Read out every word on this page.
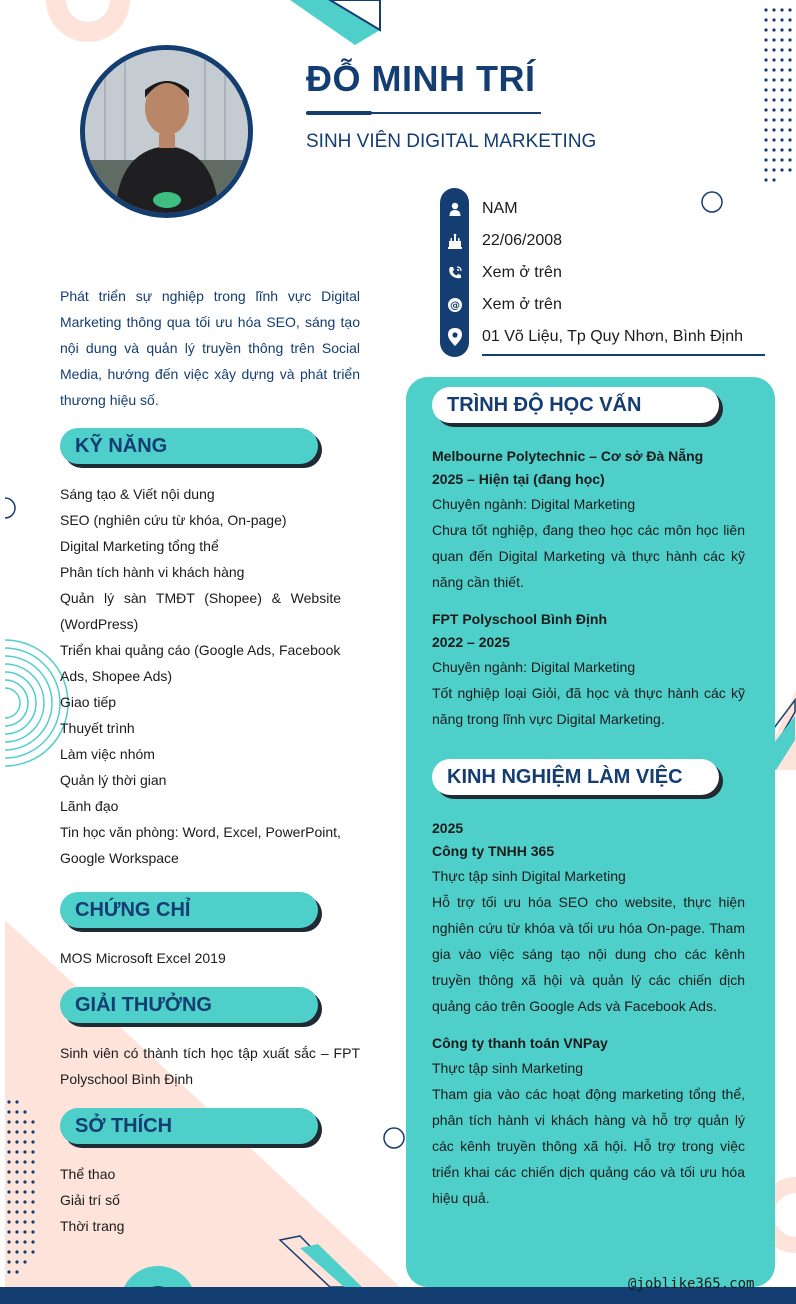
ĐỖ MINH TRÍ
SINH VIÊN DIGITAL MARKETING
NAM
22/06/2008
Xem ở trên
@ Xem ở trên
01 Võ Liệu, Tp Quy Nhơn, Bình Định
Phát triển sự nghiệp trong lĩnh vực Digital Marketing thông qua tối ưu hóa SEO, sáng tạo nội dung và quản lý truyền thông trên Social Media, hướng đến việc xây dựng và phát triển thương hiệu số.
KỸ NĂNG
Sáng tạo & Viết nội dung
SEO (nghiên cứu từ khóa, On-page)
Digital Marketing tổng thể
Phân tích hành vi khách hàng
Quản lý sàn TMĐT (Shopee) & Website (WordPress)
Triển khai quảng cáo (Google Ads, Facebook Ads, Shopee Ads)
Giao tiếp
Thuyết trình
Làm việc nhóm
Quản lý thời gian
Lãnh đạo
Tin học văn phòng: Word, Excel, PowerPoint, Google Workspace
CHỨNG CHỈ
MOS Microsoft Excel 2019
GIẢI THƯỞNG
Sinh viên có thành tích học tập xuất sắc – FPT Polyschool Bình Định
SỞ THÍCH
Thể thao
Giải trí số
Thời trang
TRÌNH ĐỘ HỌC VẤN
Melbourne Polytechnic – Cơ sở Đà Nẵng
2025 – Hiện tại (đang học)
Chuyên ngành: Digital Marketing
Chưa tốt nghiệp, đang theo học các môn học liên quan đến Digital Marketing và thực hành các kỹ năng cần thiết.
FPT Polyschool Bình Định
2022 – 2025
Chuyên ngành: Digital Marketing
Tốt nghiệp loại Giỏi, đã học và thực hành các kỹ năng trong lĩnh vực Digital Marketing.
KINH NGHIỆM LÀM VIỆC
2025
Công ty TNHH 365
Thực tập sinh Digital Marketing
Hỗ trợ tối ưu hóa SEO cho website, thực hiện nghiên cứu từ khóa và tối ưu hóa On-page. Tham gia vào việc sáng tạo nội dung cho các kênh truyền thông xã hội và quản lý các chiến dịch quảng cáo trên Google Ads và Facebook Ads.
Công ty thanh toán VNPay
Thực tập sinh Marketing
Tham gia vào các hoạt động marketing tổng thể, phân tích hành vi khách hàng và hỗ trợ quản lý các kênh truyền thông xã hội. Hỗ trợ trong việc triển khai các chiến dịch quảng cáo và tối ưu hóa hiệu quả.
@joblike365.com
